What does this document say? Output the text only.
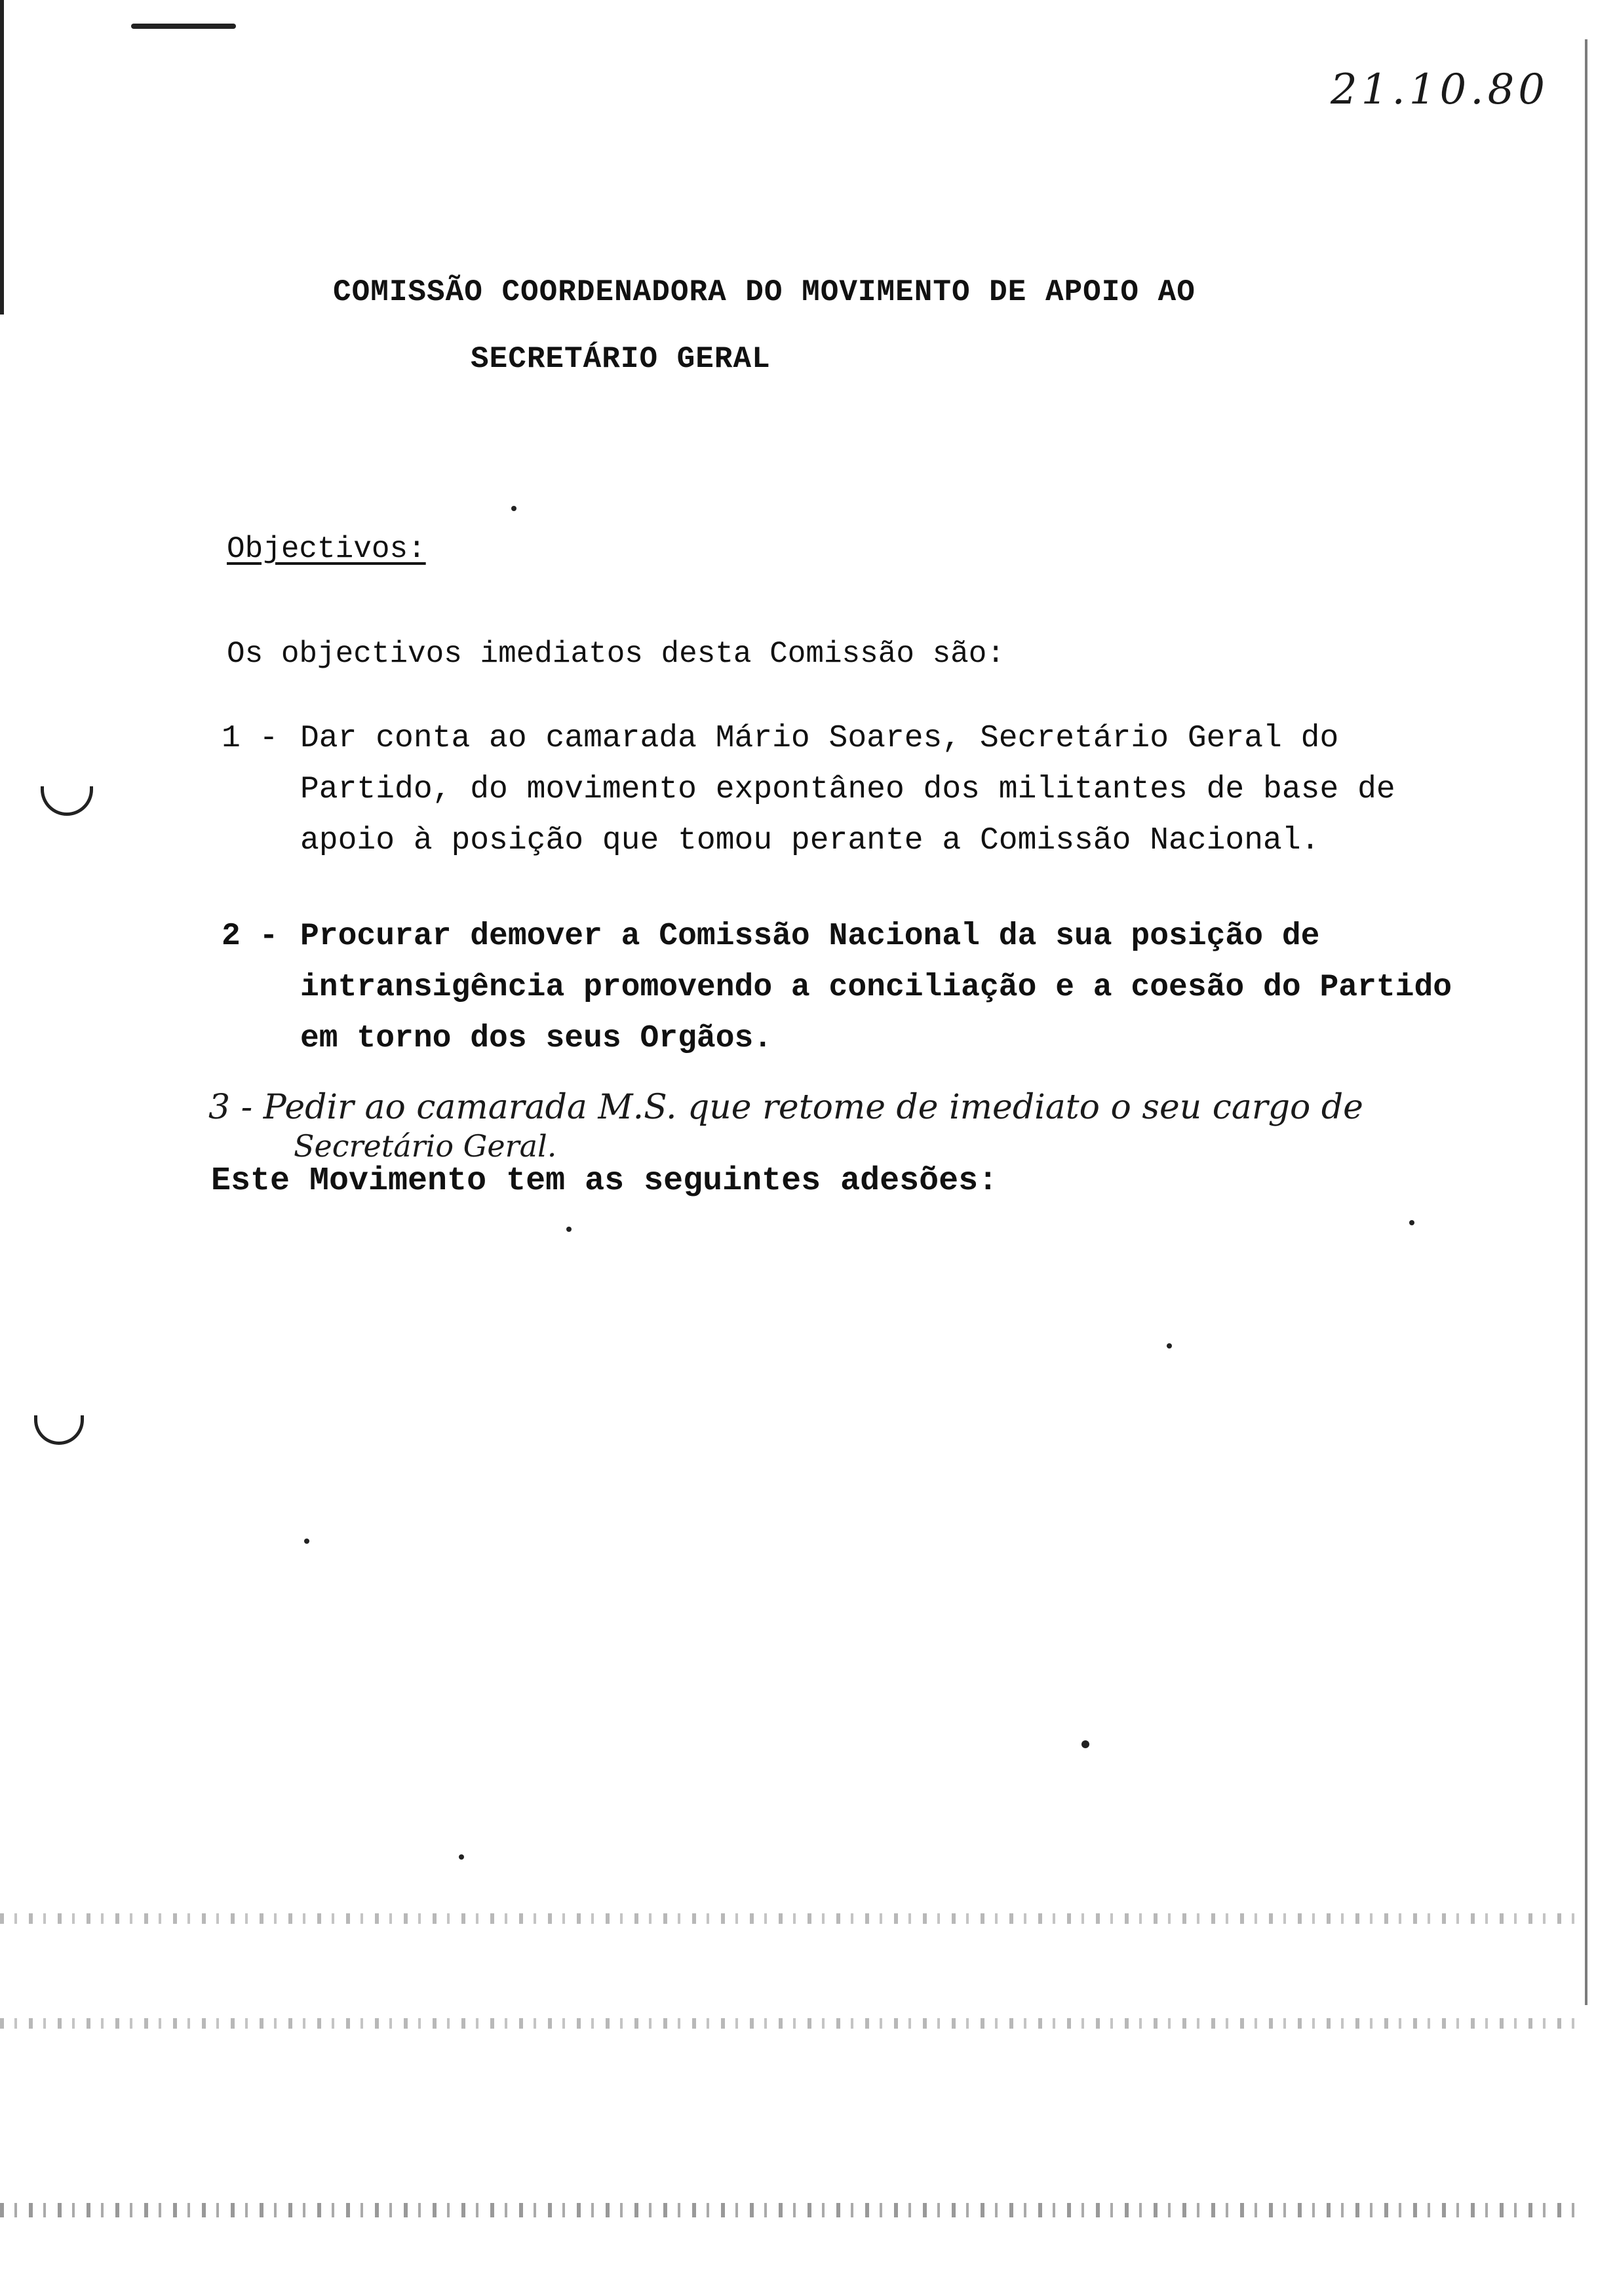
21.10.80
COMISSÃO COORDENADORA DO MOVIMENTO DE APOIO AO
SECRETÁRIO GERAL
Objectivos:
Os objectivos imediatos desta Comissão são:
1 - Dar conta ao camarada Mário Soares, Secretário Geral do Partido, do movimento expontâneo dos militantes de base de apoio à posição que tomou perante a Comissão Nacional.
2 - Procurar demover a Comissão Nacional da sua posição de intransigência promovendo a conciliação e a coesão do Partido em torno dos seus Orgãos.
3 - Pedir ao camarada M.S. que retome de imediato o seu cargo de
Secretário Geral.
Este Movimento tem as seguintes adesões:
